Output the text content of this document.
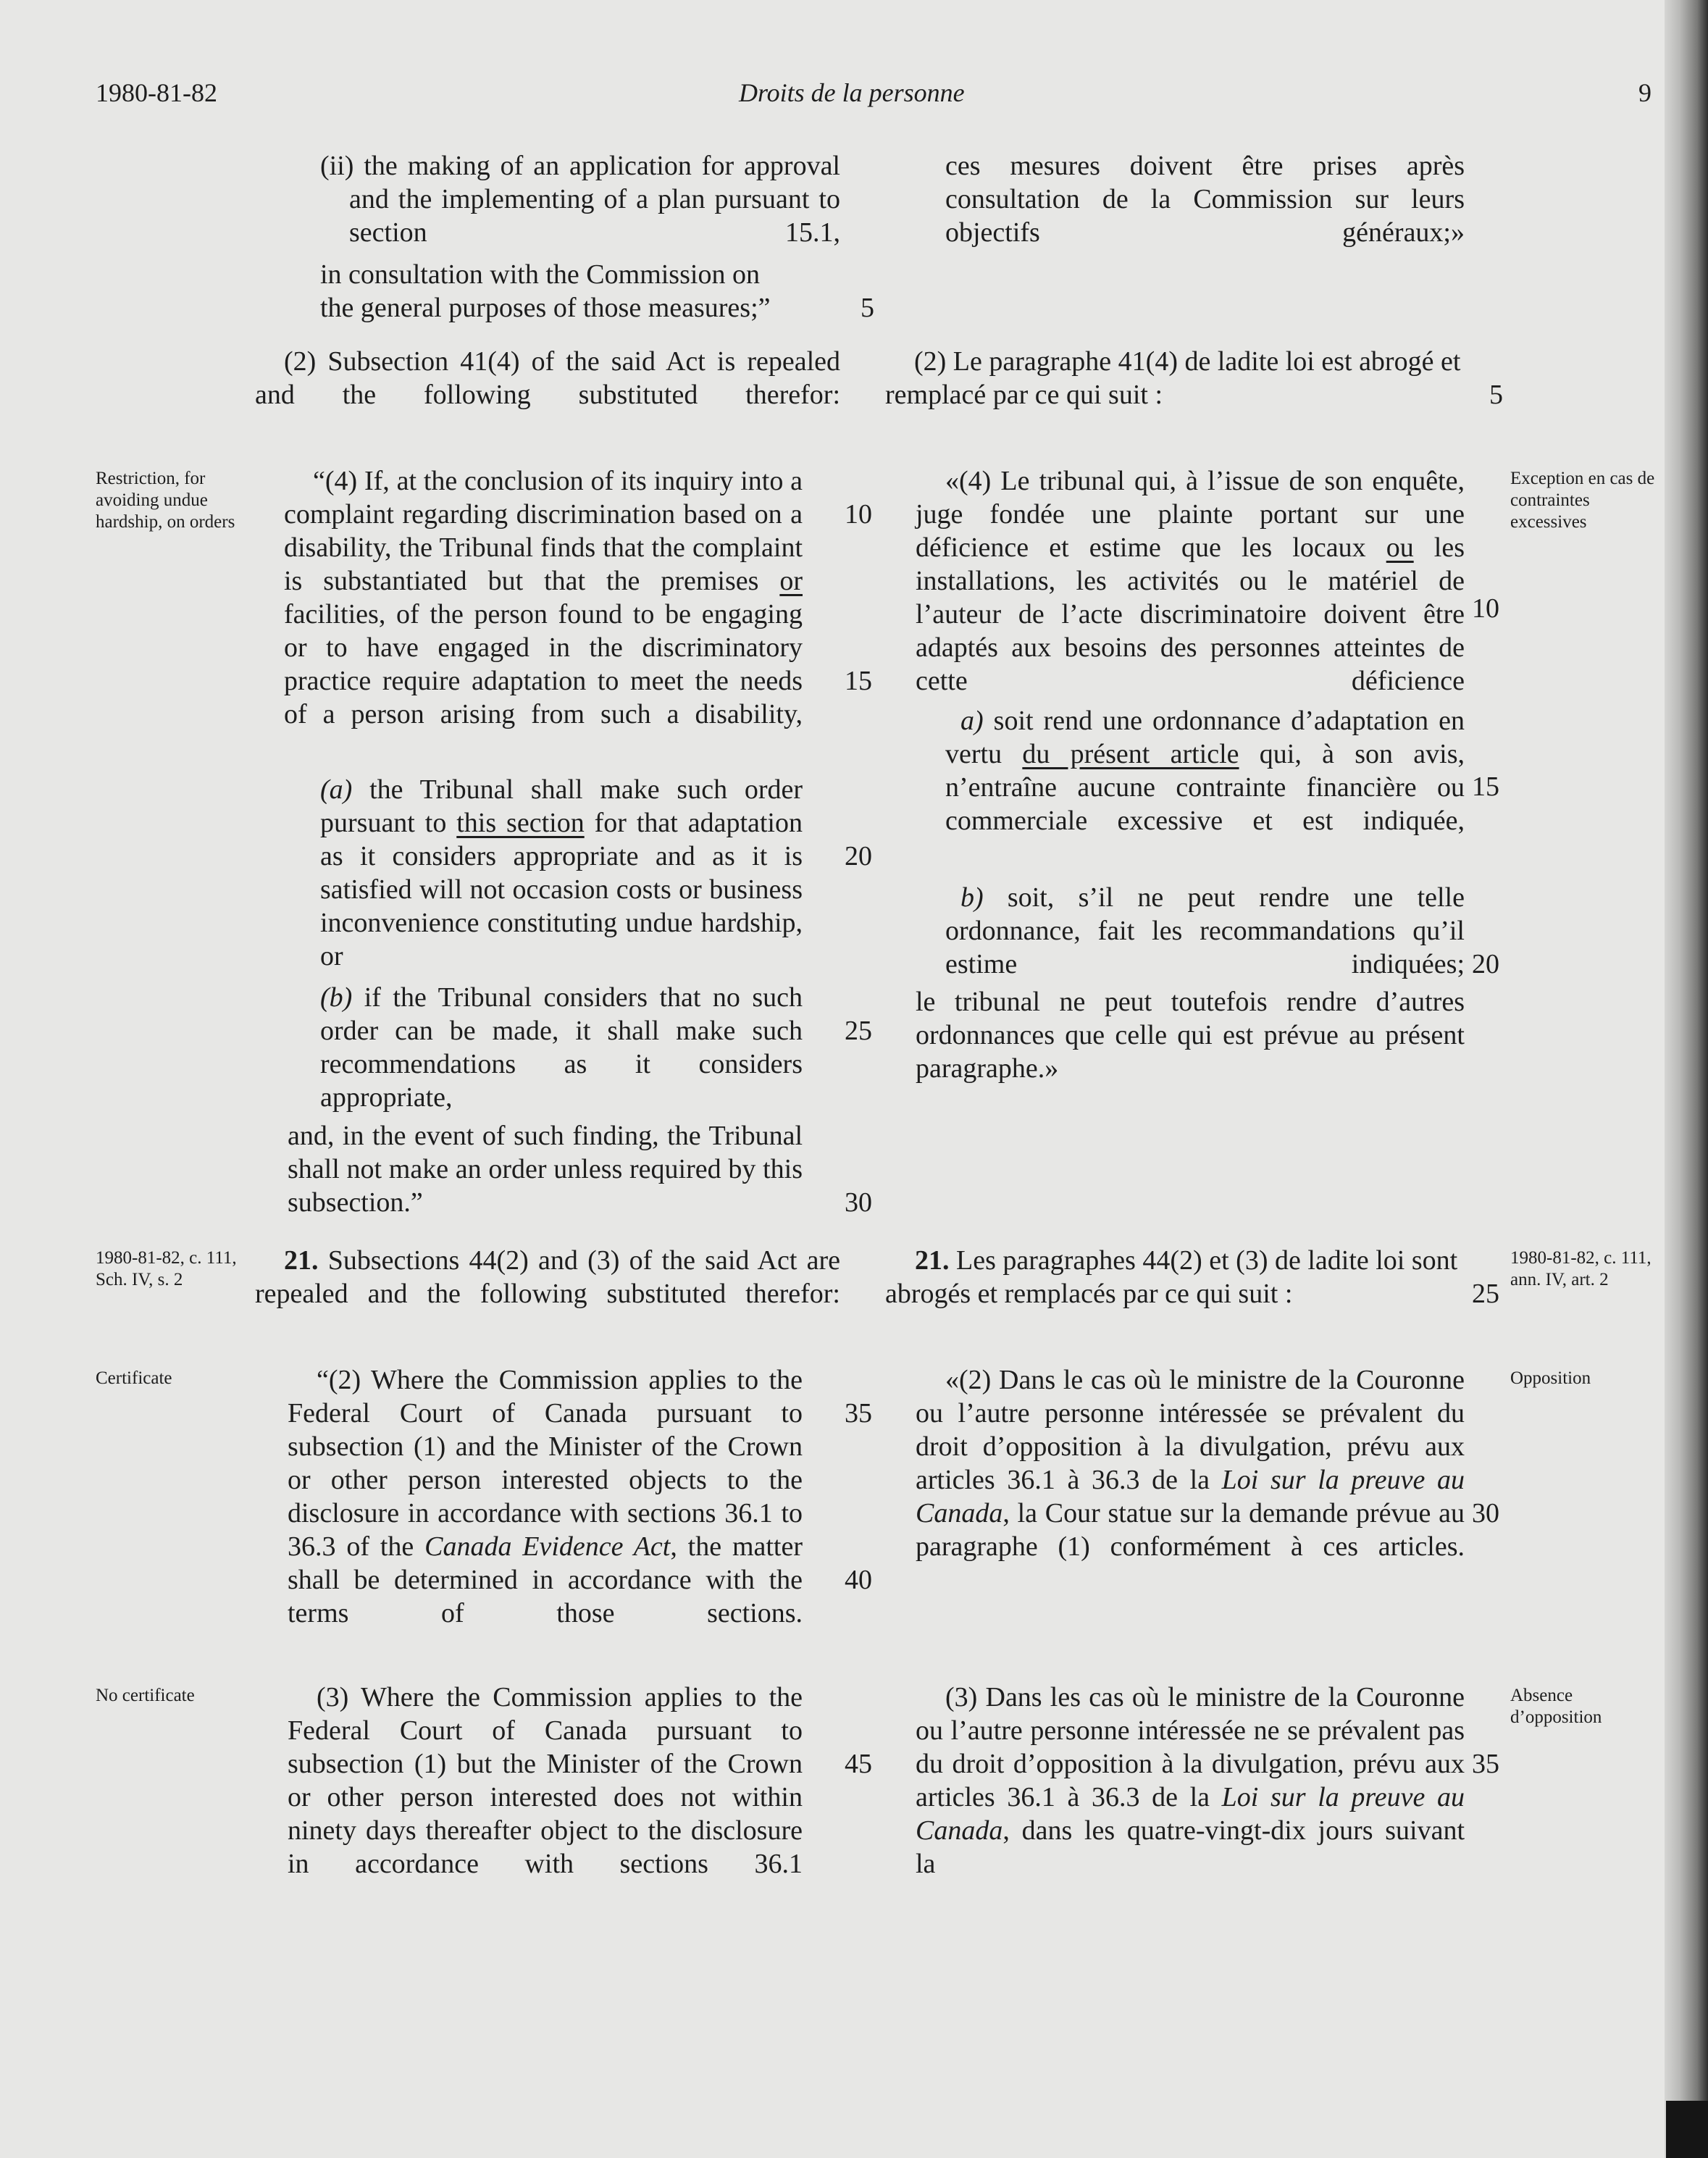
1980-81-82	Droits de la personne	9

(ii) the making of an application for approval and the implementing of a plan pursuant to section 15.1,

in consultation with the Commission on the general purposes of those measures;”

(2) Subsection 41(4) of the said Act is repealed and the following substituted therefor:

“(4) If, at the conclusion of its inquiry into a complaint regarding discrimination based on a disability, the Tribunal finds that the complaint is substantiated but that the premises or facilities, of the person found to be engaging or to have engaged in the discriminatory practice require adaptation to meet the needs of a person arising from such a disability,

(a) the Tribunal shall make such order pursuant to this section for that adaptation as it considers appropriate and as it is satisfied will not occasion costs or business inconvenience constituting undue hardship, or

(b) if the Tribunal considers that no such order can be made, it shall make such recommendations as it considers appropriate,

and, in the event of such finding, the Tribunal shall not make an order unless required by this subsection.”

21. Subsections 44(2) and (3) of the said Act are repealed and the following substituted therefor:

“(2) Where the Commission applies to the Federal Court of Canada pursuant to subsection (1) and the Minister of the Crown or other person interested objects to the disclosure in accordance with sections 36.1 to 36.3 of the Canada Evidence Act, the matter shall be determined in accordance with the terms of those sections.

(3) Where the Commission applies to the Federal Court of Canada pursuant to subsection (1) but the Minister of the Crown or other person interested does not within ninety days thereafter object to the disclosure in accordance with sections 36.1

5
10
15
20
25
30
35
40
45

ces mesures doivent être prises après consultation de la Commission sur leurs objectifs généraux;»

(2) Le paragraphe 41(4) de ladite loi est abrogé et remplacé par ce qui suit :

«(4) Le tribunal qui, à l’issue de son enquête, juge fondée une plainte portant sur une déficience et estime que les locaux ou les installations, les activités ou le matériel de l’auteur de l’acte discriminatoire doivent être adaptés aux besoins des personnes atteintes de cette déficience

a) soit rend une ordonnance d’adaptation en vertu du présent article qui, à son avis, n’entraîne aucune contrainte financière ou commerciale excessive et est indiquée,

b) soit, s’il ne peut rendre une telle ordonnance, fait les recommandations qu’il estime indiquées;

le tribunal ne peut toutefois rendre d’autres ordonnances que celle qui est prévue au présent paragraphe.»

21. Les paragraphes 44(2) et (3) de ladite loi sont abrogés et remplacés par ce qui suit :

«(2) Dans le cas où le ministre de la Couronne ou l’autre personne intéressée se prévalent du droit d’opposition à la divulgation, prévu aux articles 36.1 à 36.3 de la Loi sur la preuve au Canada, la Cour statue sur la demande prévue au paragraphe (1) conformément à ces articles.

(3) Dans les cas où le ministre de la Couronne ou l’autre personne intéressée ne se prévalent pas du droit d’opposition à la divulgation, prévu aux articles 36.1 à 36.3 de la Loi sur la preuve au Canada, dans les quatre-vingt-dix jours suivant la

5
10
15
20
25
30
35
Restriction, for avoiding undue hardship, on orders
1980-81-82, c. 111, Sch. IV, s. 2
Certificate
No certificate
Exception en cas de contraintes excessives
1980-81-82, c. 111, ann. IV, art. 2
Opposition
Absence d’opposition
